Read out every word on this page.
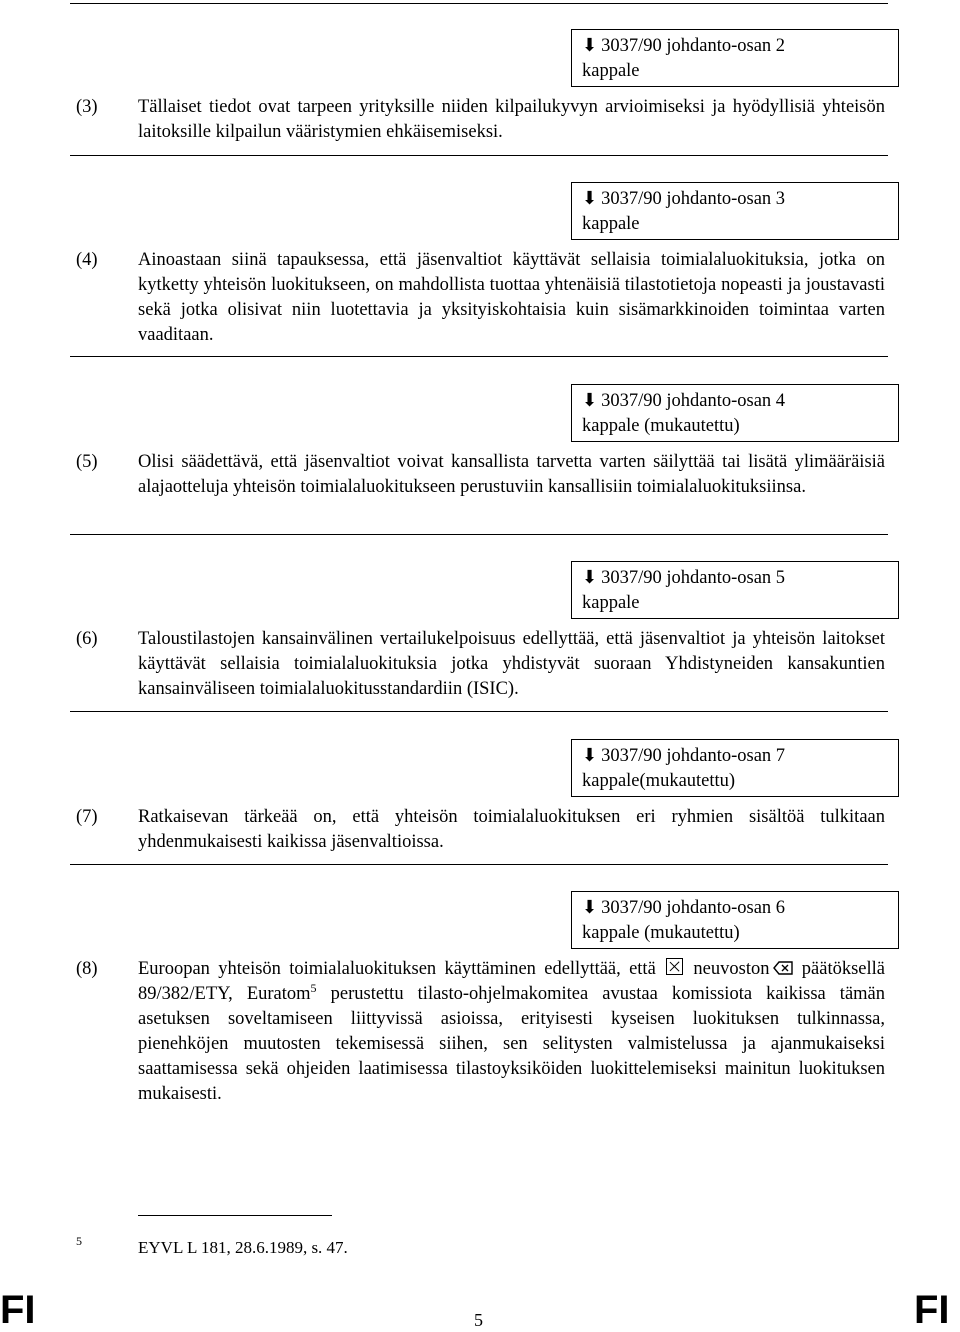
⬇ 3037/90 johdanto-osan 2
kappale
(3) Tällaiset tiedot ovat tarpeen yrityksille niiden kilpailukyvyn arvioimiseksi ja hyödyllisiä yhteisön laitoksille kilpailun vääristymien ehkäisemiseksi.
⬇ 3037/90 johdanto-osan 3
kappale
(4) Ainoastaan siinä tapauksessa, että jäsenvaltiot käyttävät sellaisia toimialaluokituksia, jotka on kytketty yhteisön luokitukseen, on mahdollista tuottaa yhtenäisiä tilastotietoja nopeasti ja joustavasti sekä jotka olisivat niin luotettavia ja yksityiskohtaisia kuin sisämarkkinoiden toimintaa varten vaaditaan.
⬇ 3037/90 johdanto-osan 4
kappale (mukautettu)
(5) Olisi säädettävä, että jäsenvaltiot voivat kansallista tarvetta varten säilyttää tai lisätä ylimääräisiä alajaotteluja yhteisön toimialaluokitukseen perustuviin kansallisiin toimialaluokituksiinsa.
⬇ 3037/90 johdanto-osan 5
kappale
(6) Taloustilastojen kansainvälinen vertailukelpoisuus edellyttää, että jäsenvaltiot ja yhteisön laitokset käyttävät sellaisia toimialaluokituksia jotka yhdistyvät suoraan Yhdistyneiden kansakuntien kansainväliseen toimialaluokitusstandardiin (ISIC).
⬇ 3037/90 johdanto-osan 7
kappale(mukautettu)
(7) Ratkaisevan tärkeää on, että yhteisön toimialaluokituksen eri ryhmien sisältöä tulkitaan yhdenmukaisesti kaikissa jäsenvaltioissa.
⬇ 3037/90 johdanto-osan 6
kappale (mukautettu)
(8) Euroopan yhteisön toimialaluokituksen käyttäminen edellyttää, että neuvoston päätöksellä 89/382/ETY, Euratom$^5$ perustettu tilasto-ohjelmakomitea avustaa komissiota kaikissa tämän asetuksen soveltamiseen liittyvissä asioissa, erityisesti kyseisen luokituksen tulkinnassa, pienehköjen muutosten tekemisessä siihen, sen selitysten valmistelussa ja ajanmukaiseksi saattamisessa sekä ohjeiden laatimisessa tilastoyksiköiden luokittelemiseksi mainitun luokituksen mukaisesti.
5	EYVL L 181, 28.6.1989, s. 47.
FI	5	FI
